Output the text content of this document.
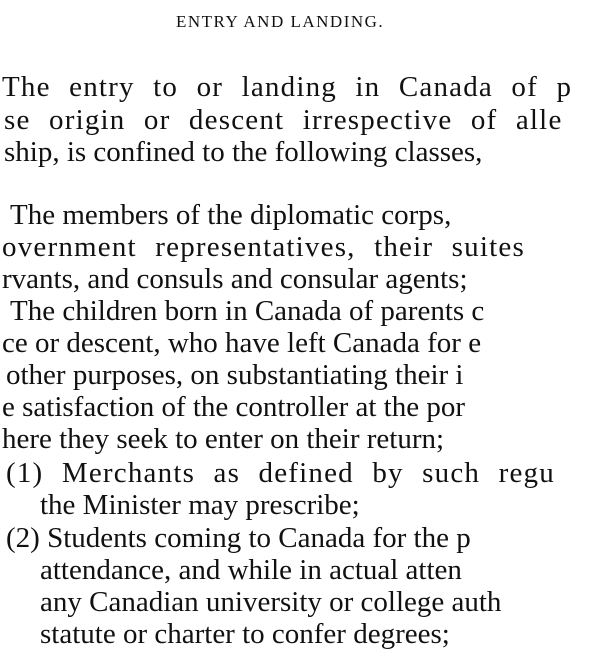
ENTRY AND LANDING.
The entry to or landing in Canada of p
se origin or descent irrespective of alle
ship, is confined to the following classes,
The members of the diplomatic corps,
overnment representatives, their suites
rvants, and consuls and consular agents;
The children born in Canada of parents c
ce or descent, who have left Canada for e
other purposes, on substantiating their i
e satisfaction of the controller at the por
here they seek to enter on their return;
(1) Merchants as defined by such regu
the Minister may prescribe;
(2) Students coming to Canada for the p
attendance, and while in actual atten
any Canadian university or college auth
statute or charter to confer degrees;
